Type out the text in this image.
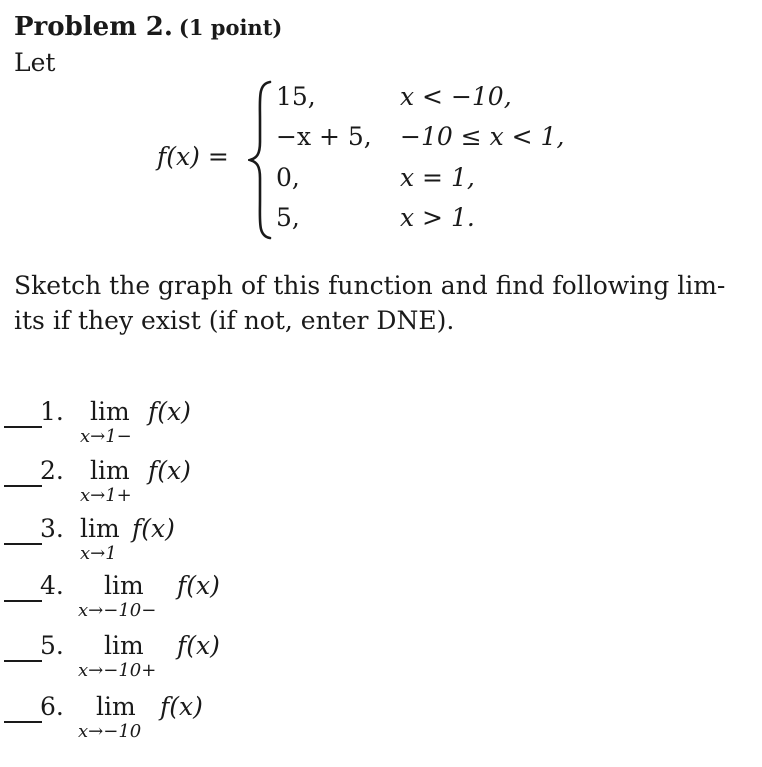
Problem 2. (1 point)
Let
f(x) =
15,	x < −10,
−x + 5, −10 ≤ x < 1,
0,	x = 1,
5,	x > 1.
Sketch the graph of this function and find following lim- its if they exist (if not, enter DNE).
1. lim
x→1−
f(x)
2. lim
x→1+
f(x)
3. lim
x→1
f(x)
4. lim
x→−10−
f(x)
5. lim
x→−10+
f(x)
6. lim
x→−10
f(x)
